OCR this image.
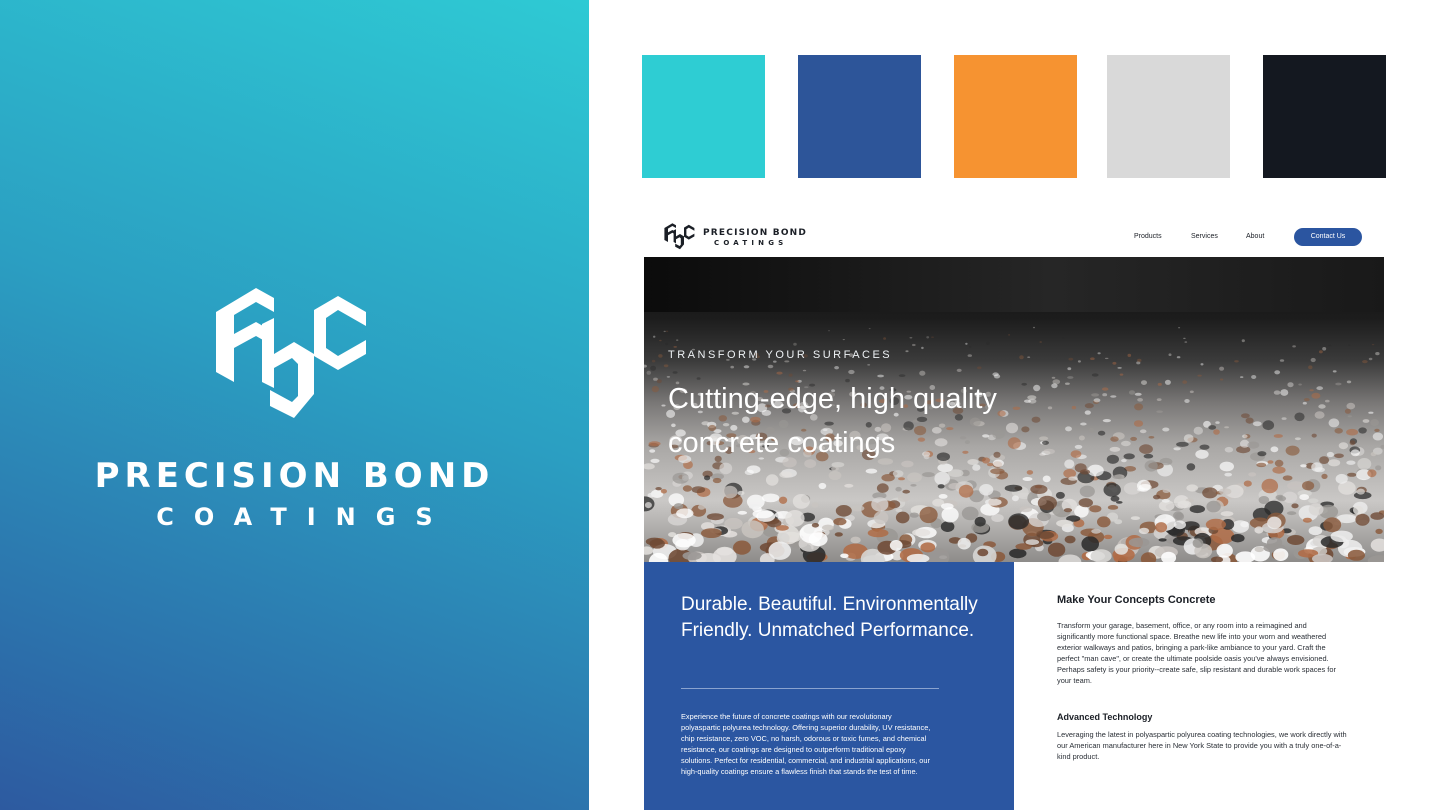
PRECISION BOND
COATINGS
PRECISION BOND
COATINGS
Products	Services	About	Contact Us
TRANSFORM YOUR SURFACES
Cutting-edge, high quality concrete coatings
Durable. Beautiful. Environmentally Friendly. Unmatched Performance.
Experience the future of concrete coatings with our revolutionary polyaspartic polyurea technology. Offering superior durability, UV resistance, chip resistance, zero VOC, no harsh, odorous or toxic fumes, and chemical resistance, our coatings are designed to outperform traditional epoxy solutions. Perfect for residential, commercial, and industrial applications, our high-quality coatings ensure a flawless finish that stands the test of time.
Make Your Concepts Concrete
Transform your garage, basement, office, or any room into a reimagined and significantly more functional space. Breathe new life into your worn and weathered exterior walkways and patios, bringing a park-like ambiance to your yard. Craft the perfect "man cave", or create the ultimate poolside oasis you've always envisioned. Perhaps safety is your priority--create safe, slip resistant and durable work spaces for your team.
Advanced Technology
Leveraging the latest in polyaspartic polyurea coating technologies, we work directly with our American manufacturer here in New York State to provide you with a truly one-of-a-kind product.
